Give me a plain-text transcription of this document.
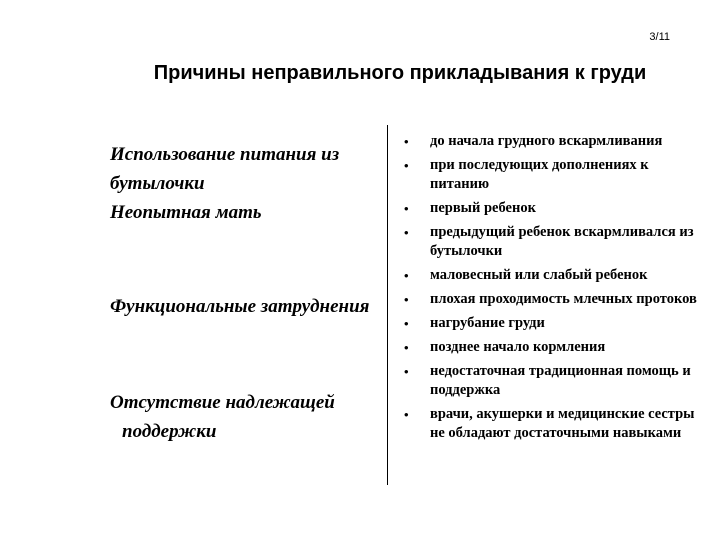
3/11
Причины неправильного прикладывания к груди
Использование питания из
бутылочки
Неопытная мать
Функциональные затруднения
Отсутствие надлежащей
поддержки
• до начала грудного вскармливания
• при последующих дополнениях к питанию
• первый ребенок
• предыдущий ребенок вскармливался из бутылочки
• маловесный или слабый ребенок
• плохая проходимость млечных протоков
• нагрубание груди
• позднее начало кормления
• недостаточная традиционная помощь и поддержка
• врачи, акушерки и медицинские сестры не обладают достаточными навыками
